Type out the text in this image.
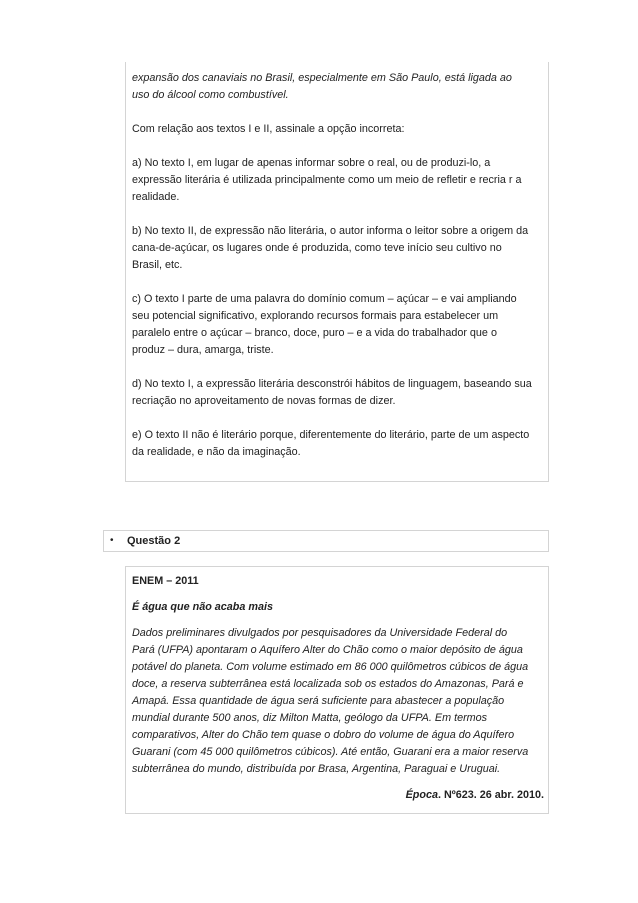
expansão dos canaviais no Brasil, especialmente em São Paulo, está ligada ao
uso do álcool como combustível.
Com relação aos textos I e II, assinale a opção incorreta:
a) No texto I, em lugar de apenas informar sobre o real, ou de produzi-lo, a
expressão literária é utilizada principalmente como um meio de refletir e recria r a
realidade.
b) No texto II, de expressão não literária, o autor informa o leitor sobre a origem da
cana-de-açúcar, os lugares onde é produzida, como teve início seu cultivo no
Brasil, etc.
c) O texto I parte de uma palavra do domínio comum – açúcar – e vai ampliando
seu potencial significativo, explorando recursos formais para estabelecer um
paralelo entre o açúcar – branco, doce, puro – e a vida do trabalhador que o
produz – dura, amarga, triste.
d) No texto I, a expressão literária desconstrói hábitos de linguagem, baseando sua
recriação no aproveitamento de novas formas de dizer.
e) O texto II não é literário porque, diferentemente do literário, parte de um aspecto
da realidade, e não da imaginação.
• Questão 2
ENEM – 2011
É água que não acaba mais
Dados preliminares divulgados por pesquisadores da Universidade Federal do
Pará (UFPA) apontaram o Aquífero Alter do Chão como o maior depósito de água
potável do planeta. Com volume estimado em 86 000 quilômetros cúbicos de água
doce, a reserva subterrânea está localizada sob os estados do Amazonas, Pará e
Amapá. Essa quantidade de água será suficiente para abastecer a população
mundial durante 500 anos, diz Milton Matta, geólogo da UFPA. Em termos
comparativos, Alter do Chão tem quase o dobro do volume de água do Aquífero
Guarani (com 45 000 quilômetros cúbicos). Até então, Guarani era a maior reserva
subterrânea do mundo, distribuída por Brasa, Argentina, Paraguai e Uruguai.
Época. Nº623. 26 abr. 2010.
